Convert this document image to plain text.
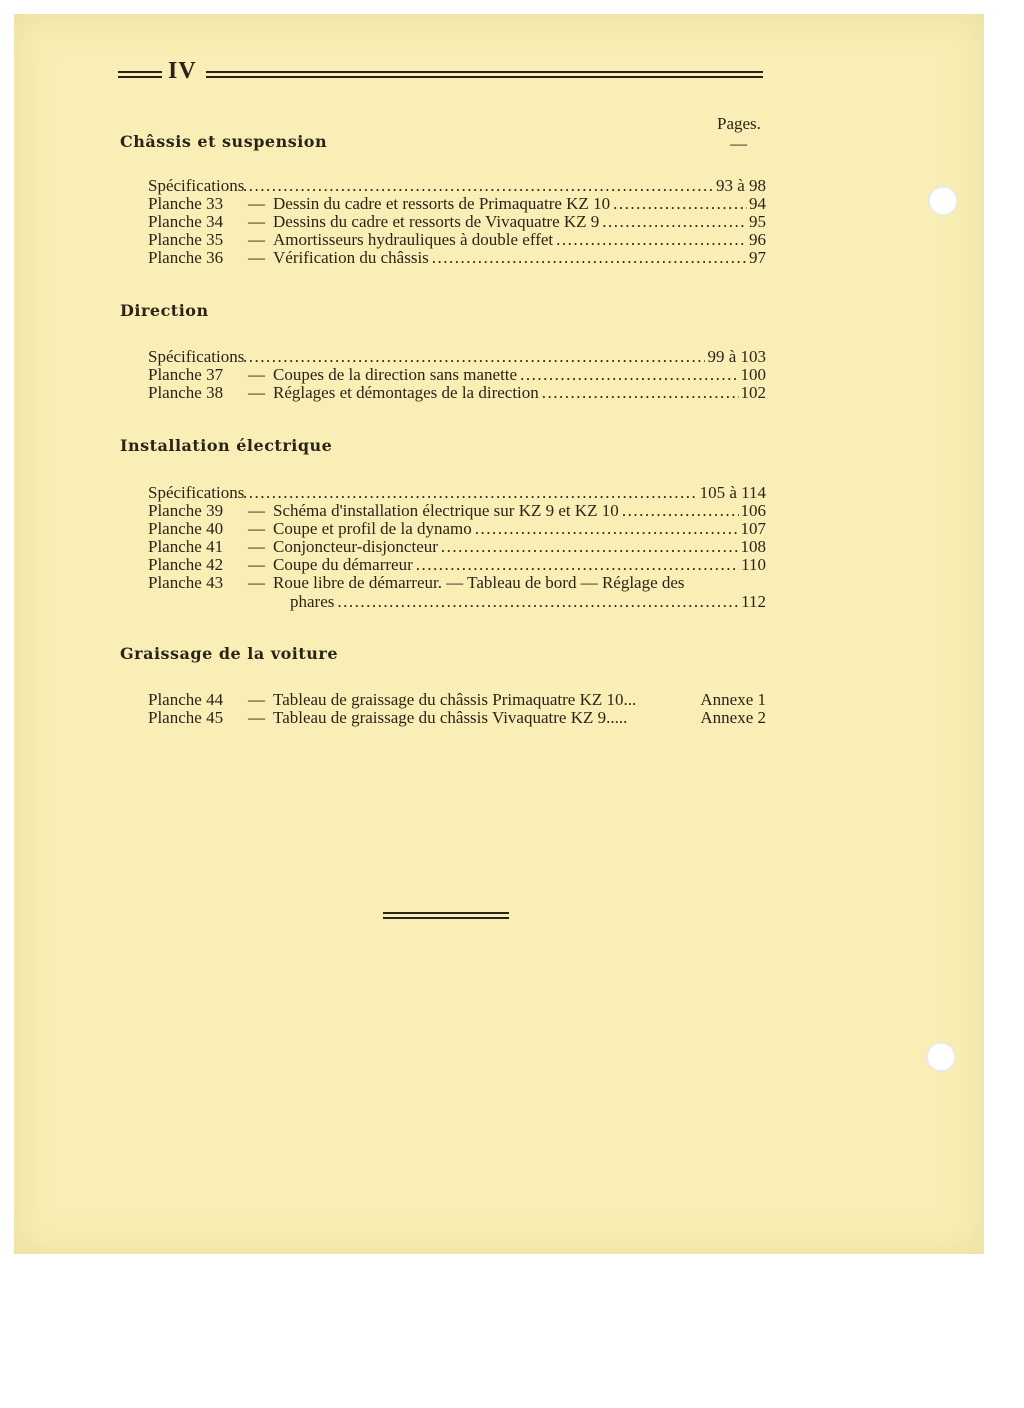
IV
Pages.
—
Châssis et suspension
Spécifications .....	93 à 98
Planche 33	— Dessin du cadre et ressorts de Primaquatre KZ 10 .....	94
Planche 34	— Dessins du cadre et ressorts de Vivaquatre KZ 9 .....	95
Planche 35	— Amortisseurs hydrauliques à double effet .....	96
Planche 36	— Vérification du châssis .....	97
Direction
Spécifications .....	99 à 103
Planche 37	— Coupes de la direction sans manette .....	100
Planche 38	— Réglages et démontages de la direction .....	102
Installation électrique
Spécifications .....	105 à 114
Planche 39	— Schéma d'installation électrique sur KZ 9 et KZ 10 .....	106
Planche 40	— Coupe et profil de la dynamo .....	107
Planche 41	— Conjoncteur-disjoncteur .....	108
Planche 42	— Coupe du démarreur .....	110
Planche 43	— Roue libre de démarreur. — Tableau de bord — Réglage des
phares .....	112
Graissage de la voiture
Planche 44	— Tableau de graissage du châssis Primaquatre KZ 10...	Annexe 1
Planche 45	— Tableau de graissage du châssis Vivaquatre KZ 9.....	Annexe 2
